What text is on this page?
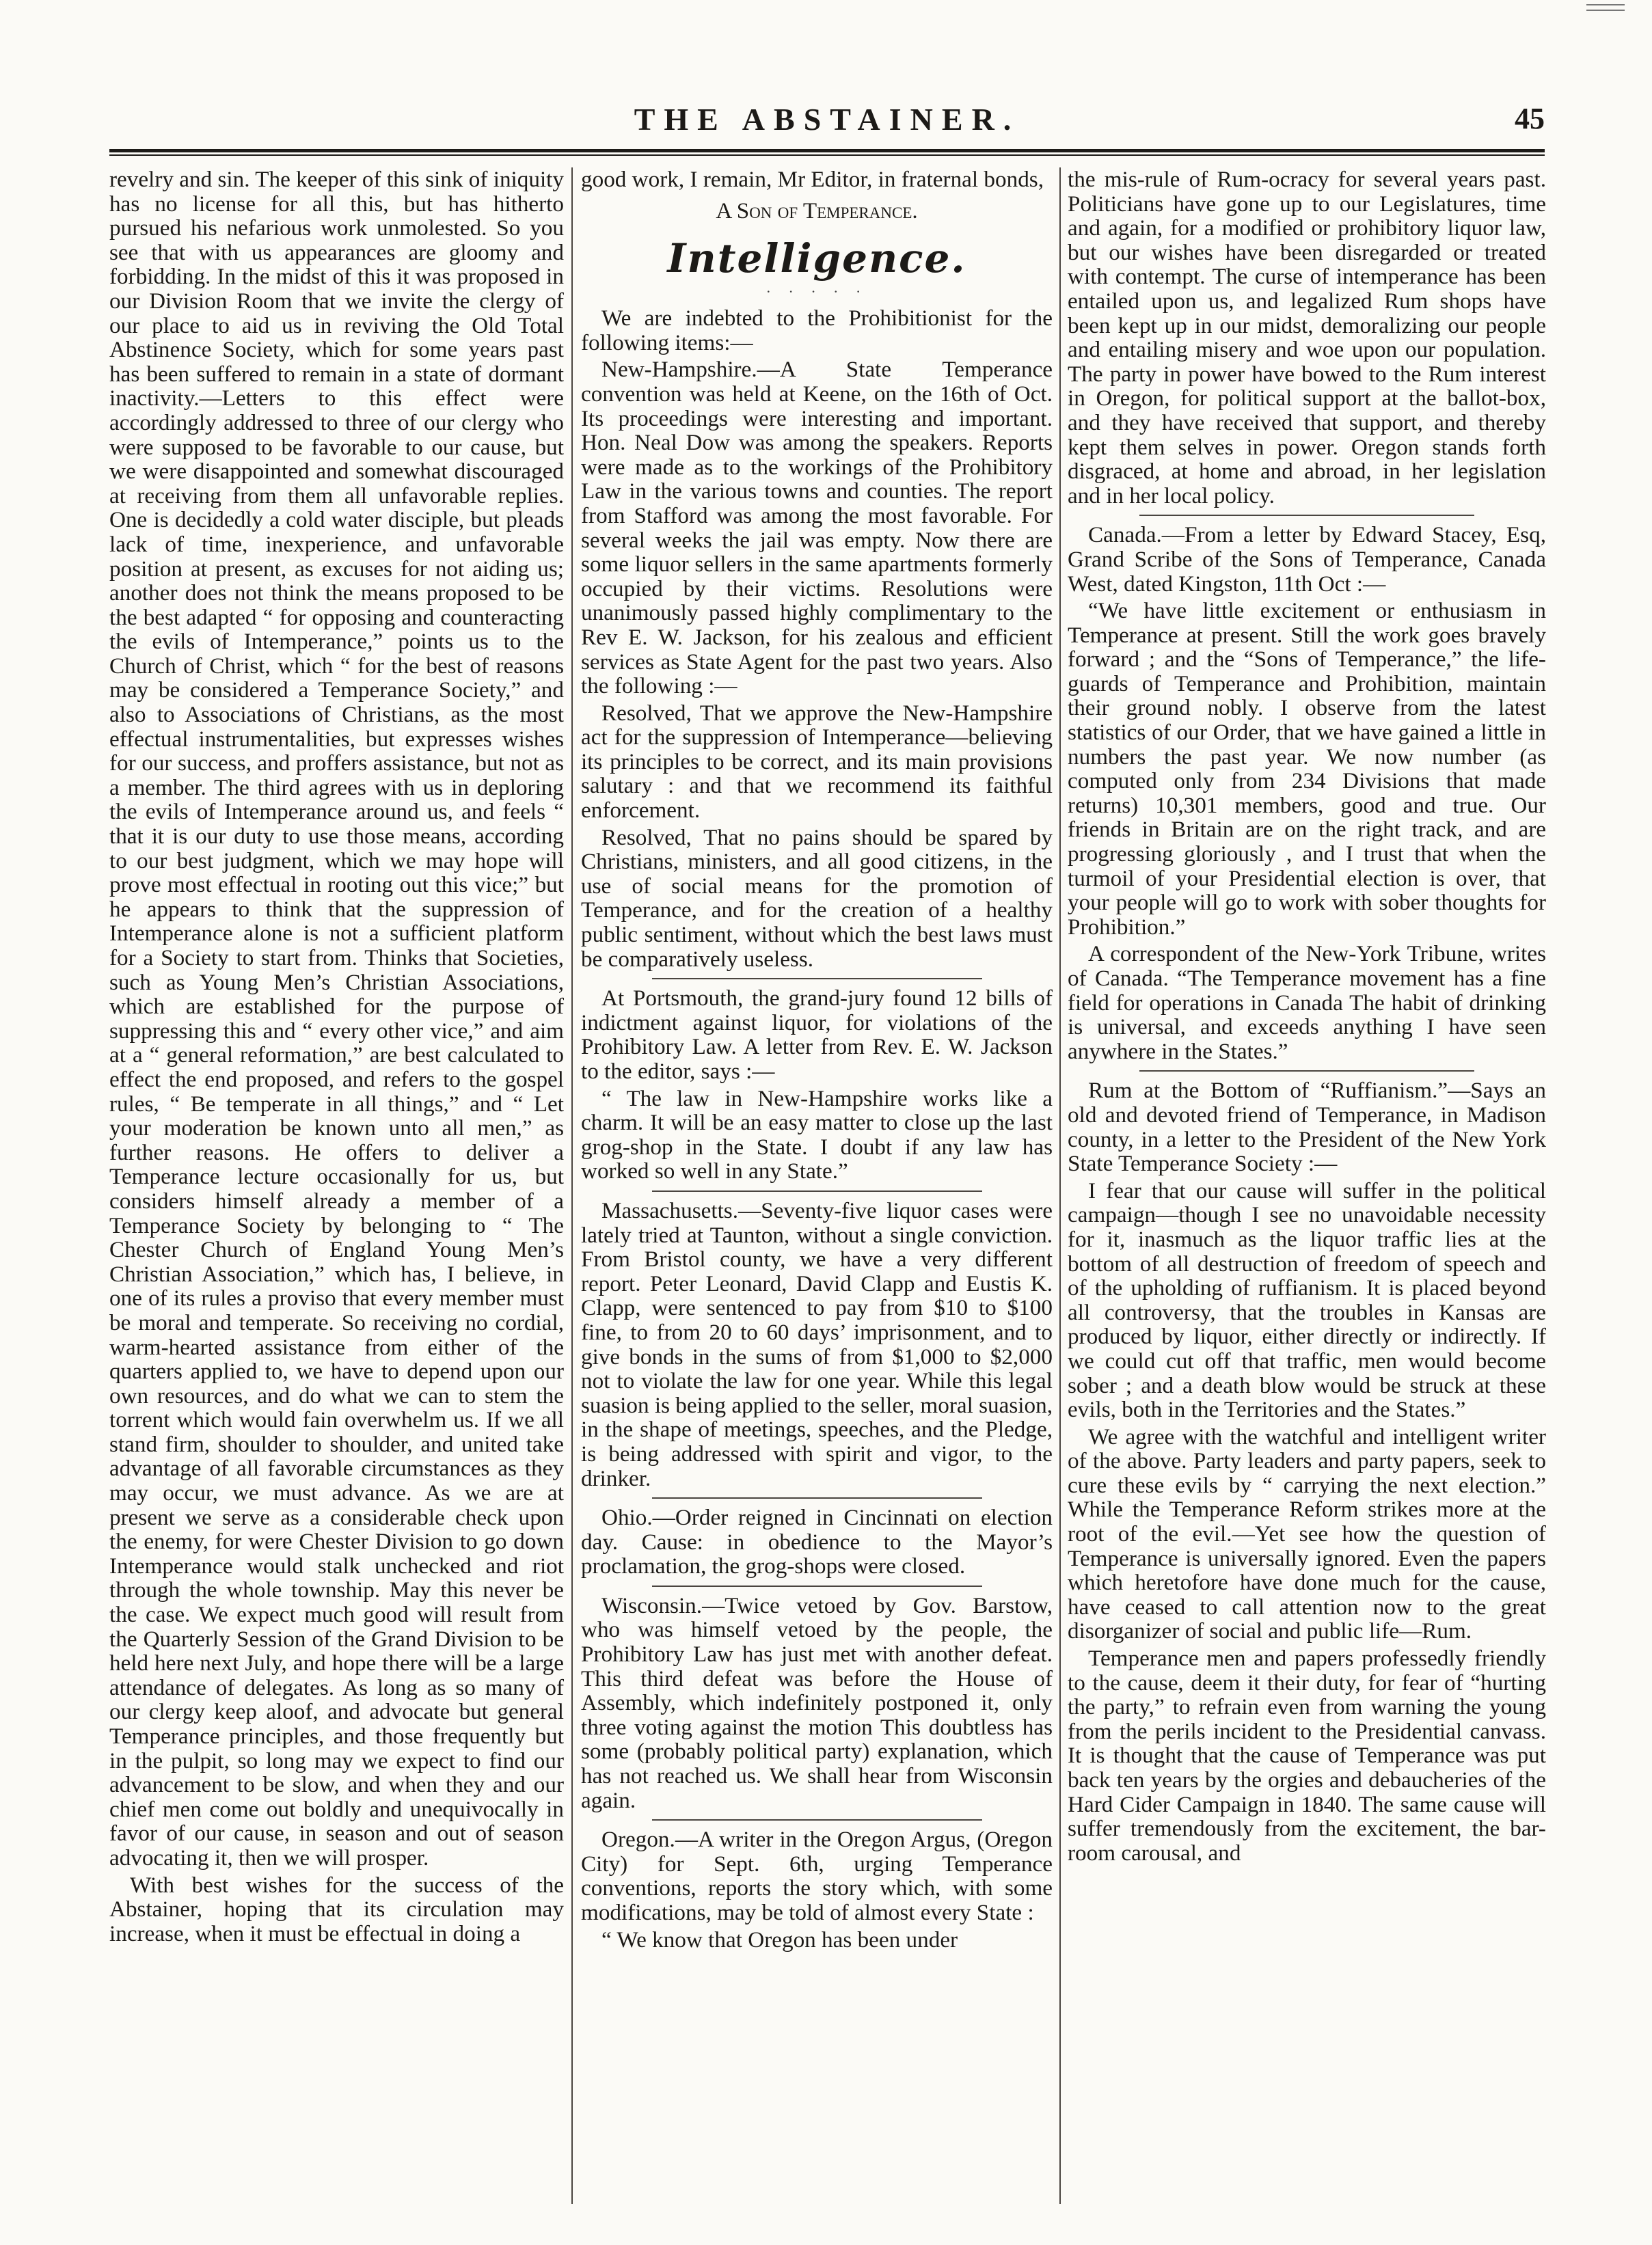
THE ABSTAINER.	45

revelry and sin. The keeper of this sink of iniquity has no license for all this, but has hitherto pursued his nefarious work unmolested. So you see that with us appearances are gloomy and forbidding. In the midst of this it was proposed in our Division Room that we invite the clergy of our place to aid us in reviving the Old Total Abstinence Society, which for some years past has been suffered to remain in a state of dormant inactivity.—Letters to this effect were accordingly addressed to three of our clergy who were supposed to be favorable to our cause, but we were disappointed and somewhat discouraged at receiving from them all unfavorable replies. One is decidedly a cold water disciple, but pleads lack of time, inexperience, and unfavorable position at present, as excuses for not aiding us; another does not think the means proposed to be the best adapted “ for opposing and counteracting the evils of Intemperance,” points us to the Church of Christ, which “ for the best of reasons may be considered a Temperance Society,” and also to Associations of Christians, as the most effectual instrumentalities, but expresses wishes for our success, and proffers assistance, but not as a member. The third agrees with us in deploring the evils of Intemperance around us, and feels “ that it is our duty to use those means, according to our best judgment, which we may hope will prove most effectual in rooting out this vice;” but he appears to think that the suppression of Intemperance alone is not a sufficient platform for a Society to start from. Thinks that Societies, such as Young Men’s Christian Associations, which are established for the purpose of suppressing this and “ every other vice,” and aim at a “ general reformation,” are best calculated to effect the end proposed, and refers to the gospel rules, “ Be temperate in all things,” and “ Let your moderation be known unto all men,” as further reasons. He offers to deliver a Temperance lecture occasionally for us, but considers himself already a member of a Temperance Society by belonging to “ The Chester Church of England Young Men’s Christian Association,” which has, I believe, in one of its rules a proviso that every member must be moral and temperate. So receiving no cordial, warm-hearted assistance from either of the quarters applied to, we have to depend upon our own resources, and do what we can to stem the torrent which would fain overwhelm us. If we all stand firm, shoulder to shoulder, and united take advantage of all favorable circumstances as they may occur, we must advance. As we are at present we serve as a considerable check upon the enemy, for were Chester Division to go down Intemperance would stalk unchecked and riot through the whole township. May this never be the case. We expect much good will result from the Quarterly Session of the Grand Division to be held here next July, and hope there will be a large attendance of delegates. As long as so many of our clergy keep aloof, and advocate but general Temperance principles, and those frequently but in the pulpit, so long may we expect to find our advancement to be slow, and when they and our chief men come out boldly and unequivocally in favor of our cause, in season and out of season advocating it, then we will prosper.

With best wishes for the success of the Abstainer, hoping that its circulation may increase, when it must be effectual in doing a

good work, I remain, Mr Editor, in fraternal bonds,

A Son of Temperance.
Intelligence.
· · · · ·

We are indebted to the Prohibitionist for the following items:—

New-Hampshire.—A State Temperance convention was held at Keene, on the 16th of Oct. Its proceedings were interesting and important. Hon. Neal Dow was among the speakers. Reports were made as to the workings of the Prohibitory Law in the various towns and counties. The report from Stafford was among the most favorable. For several weeks the jail was empty. Now there are some liquor sellers in the same apartments formerly occupied by their victims. Resolutions were unanimously passed highly complimentary to the Rev E. W. Jackson, for his zealous and efficient services as State Agent for the past two years. Also the following :—

Resolved, That we approve the New-Hampshire act for the suppression of Intemperance—believing its principles to be correct, and its main provisions salutary : and that we recommend its faithful enforcement.

Resolved, That no pains should be spared by Christians, ministers, and all good citizens, in the use of social means for the promotion of Temperance, and for the creation of a healthy public sentiment, without which the best laws must be comparatively useless.

At Portsmouth, the grand-jury found 12 bills of indictment against liquor, for violations of the Prohibitory Law. A letter from Rev. E. W. Jackson to the editor, says :—

“ The law in New-Hampshire works like a charm. It will be an easy matter to close up the last grog-shop in the State. I doubt if any law has worked so well in any State.”

Massachusetts.—Seventy-five liquor cases were lately tried at Taunton, without a single conviction. From Bristol county, we have a very different report. Peter Leonard, David Clapp and Eustis K. Clapp, were sentenced to pay from $10 to $100 fine, to from 20 to 60 days’ imprisonment, and to give bonds in the sums of from $1,000 to $2,000 not to violate the law for one year. While this legal suasion is being applied to the seller, moral suasion, in the shape of meetings, speeches, and the Pledge, is being addressed with spirit and vigor, to the drinker.

Ohio.—Order reigned in Cincinnati on election day. Cause: in obedience to the Mayor’s proclamation, the grog-shops were closed.

Wisconsin.—Twice vetoed by Gov. Barstow, who was himself vetoed by the people, the Prohibitory Law has just met with another defeat. This third defeat was before the House of Assembly, which indefinitely postponed it, only three voting against the motion This doubtless has some (probably political party) explanation, which has not reached us. We shall hear from Wisconsin again.

Oregon.—A writer in the Oregon Argus, (Oregon City) for Sept. 6th, urging Temperance conventions, reports the story which, with some modifications, may be told of almost every State :

“ We know that Oregon has been under

the mis-rule of Rum-ocracy for several years past. Politicians have gone up to our Legislatures, time and again, for a modified or prohibitory liquor law, but our wishes have been disregarded or treated with contempt. The curse of intemperance has been entailed upon us, and legalized Rum shops have been kept up in our midst, demoralizing our people and entailing misery and woe upon our population. The party in power have bowed to the Rum interest in Oregon, for political support at the ballot-box, and they have received that support, and thereby kept them selves in power. Oregon stands forth disgraced, at home and abroad, in her legislation and in her local policy.

Canada.—From a letter by Edward Stacey, Esq, Grand Scribe of the Sons of Temperance, Canada West, dated Kingston, 11th Oct :—

“We have little excitement or enthusiasm in Temperance at present. Still the work goes bravely forward ; and the “Sons of Temperance,” the life-guards of Temperance and Prohibition, maintain their ground nobly. I observe from the latest statistics of our Order, that we have gained a little in numbers the past year. We now number (as computed only from 234 Divisions that made returns) 10,301 members, good and true. Our friends in Britain are on the right track, and are progressing gloriously , and I trust that when the turmoil of your Presidential election is over, that your people will go to work with sober thoughts for Prohibition.”

A correspondent of the New-York Tribune, writes of Canada. “The Temperance movement has a fine field for operations in Canada The habit of drinking is universal, and exceeds anything I have seen anywhere in the States.”

Rum at the Bottom of “Ruffianism.”—Says an old and devoted friend of Temperance, in Madison county, in a letter to the President of the New York State Temperance Society :—

I fear that our cause will suffer in the political campaign—though I see no unavoidable necessity for it, inasmuch as the liquor traffic lies at the bottom of all destruction of freedom of speech and of the upholding of ruffianism. It is placed beyond all controversy, that the troubles in Kansas are produced by liquor, either directly or indirectly. If we could cut off that traffic, men would become sober ; and a death blow would be struck at these evils, both in the Territories and the States.”

We agree with the watchful and intelligent writer of the above. Party leaders and party papers, seek to cure these evils by “ carrying the next election.” While the Temperance Reform strikes more at the root of the evil.—Yet see how the question of Temperance is universally ignored. Even the papers which heretofore have done much for the cause, have ceased to call attention now to the great disorganizer of social and public life—Rum.

Temperance men and papers professedly friendly to the cause, deem it their duty, for fear of “hurting the party,” to refrain even from warning the young from the perils incident to the Presidential canvass. It is thought that the cause of Temperance was put back ten years by the orgies and debaucheries of the Hard Cider Campaign in 1840. The same cause will suffer tremendously from the excitement, the bar-room carousal, and
